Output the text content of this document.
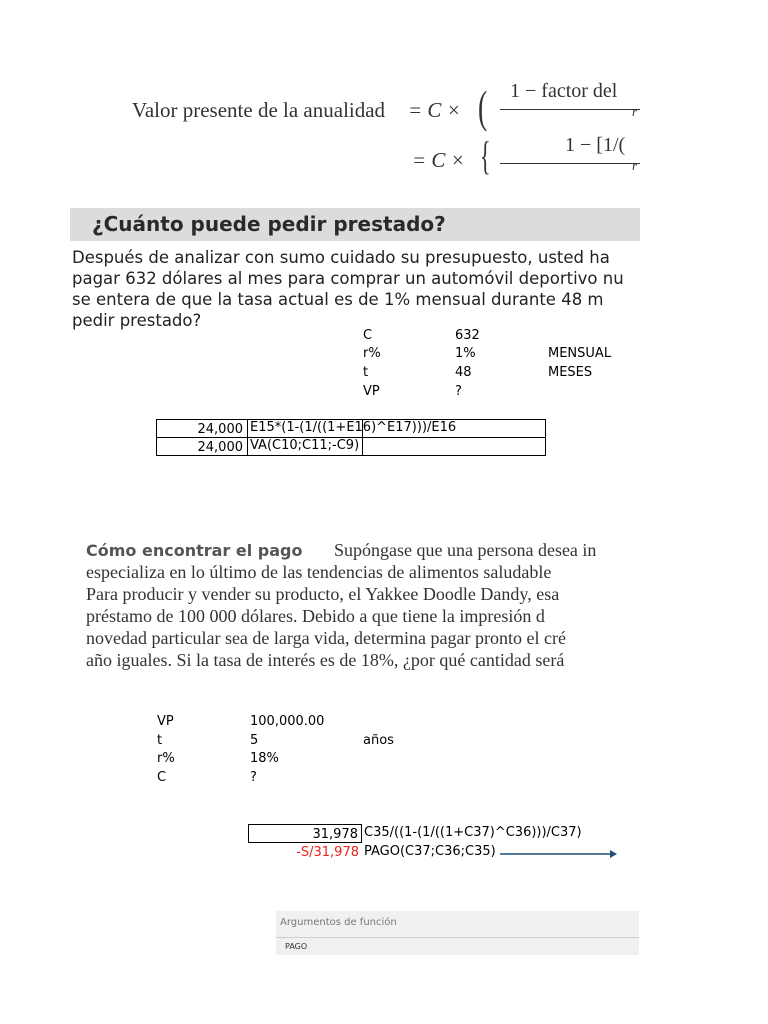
Valor presente de la anualidad = C × ( 1 − factor del
r
= C × {	1 − [1/(
r
¿Cuánto puede pedir prestado?
Después de analizar con sumo cuidado su presupuesto, usted ha
pagar 632 dólares al mes para comprar un automóvil deportivo nu
se entera de que la tasa actual es de 1% mensual durante 48 m
pedir prestado?
C	632
r%	1%	MENSUAL
t	48	MESES
VP	?
24,000 E15*(1-(1/((1+E16)^E17)))/E16
24,000 VA(C10;C11;-C9)
Cómo encontrar el pago Supóngase que una persona desea in
especializa en lo último de las tendencias de alimentos saludable
Para producir y vender su producto, el Yakkee Doodle Dandy, esa
préstamo de 100 000 dólares. Debido a que tiene la impresión d
novedad particular sea de larga vida, determina pagar pronto el cré
año iguales. Si la tasa de interés es de 18%, ¿por qué cantidad será
VP	100,000.00
t	5	años
r%	18%
C	?
31,978 C35/((1-(1/((1+C37)^C36)))/C37)
-S/31,978 PAGO(C37;C36;C35)
Argumentos de función
PAGO
